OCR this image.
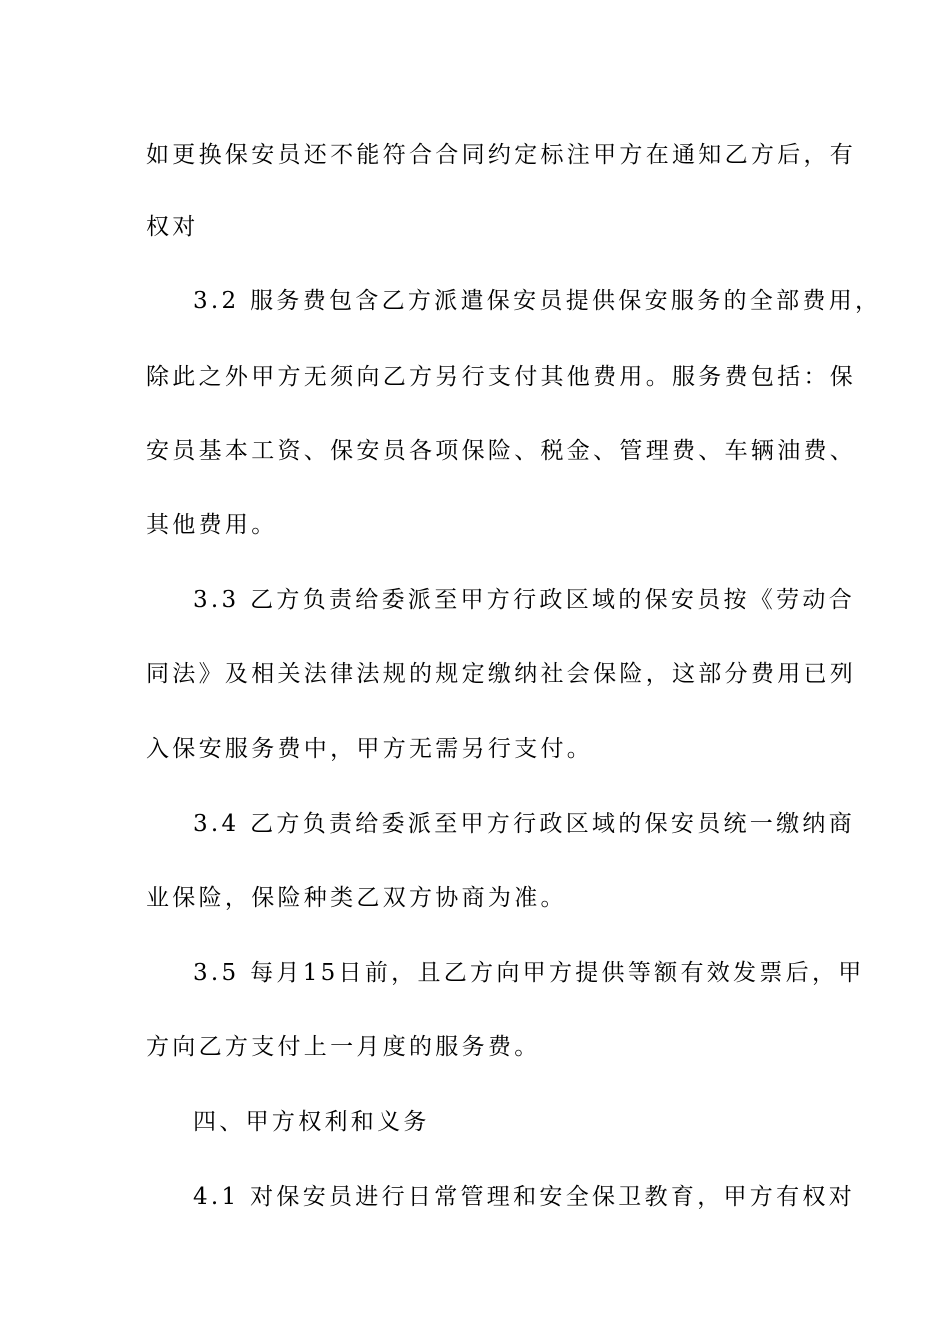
如更换保安员还不能符合合同约定标注甲方在通知乙方后，有
权对
3.2 服务费包含乙方派遣保安员提供保安服务的全部费用，
除此之外甲方无须向乙方另行支付其他费用。服务费包括：保
安员基本工资、保安员各项保险、税金、管理费、车辆油费、
其他费用。
3.3 乙方负责给委派至甲方行政区域的保安员按《劳动合
同法》及相关法律法规的规定缴纳社会保险，这部分费用已列
入保安服务费中，甲方无需另行支付。
3.4 乙方负责给委派至甲方行政区域的保安员统一缴纳商
业保险，保险种类乙双方协商为准。
3.5 每月15日前，且乙方向甲方提供等额有效发票后，甲
方向乙方支付上一月度的服务费。
四、甲方权利和义务
4.1 对保安员进行日常管理和安全保卫教育，甲方有权对
